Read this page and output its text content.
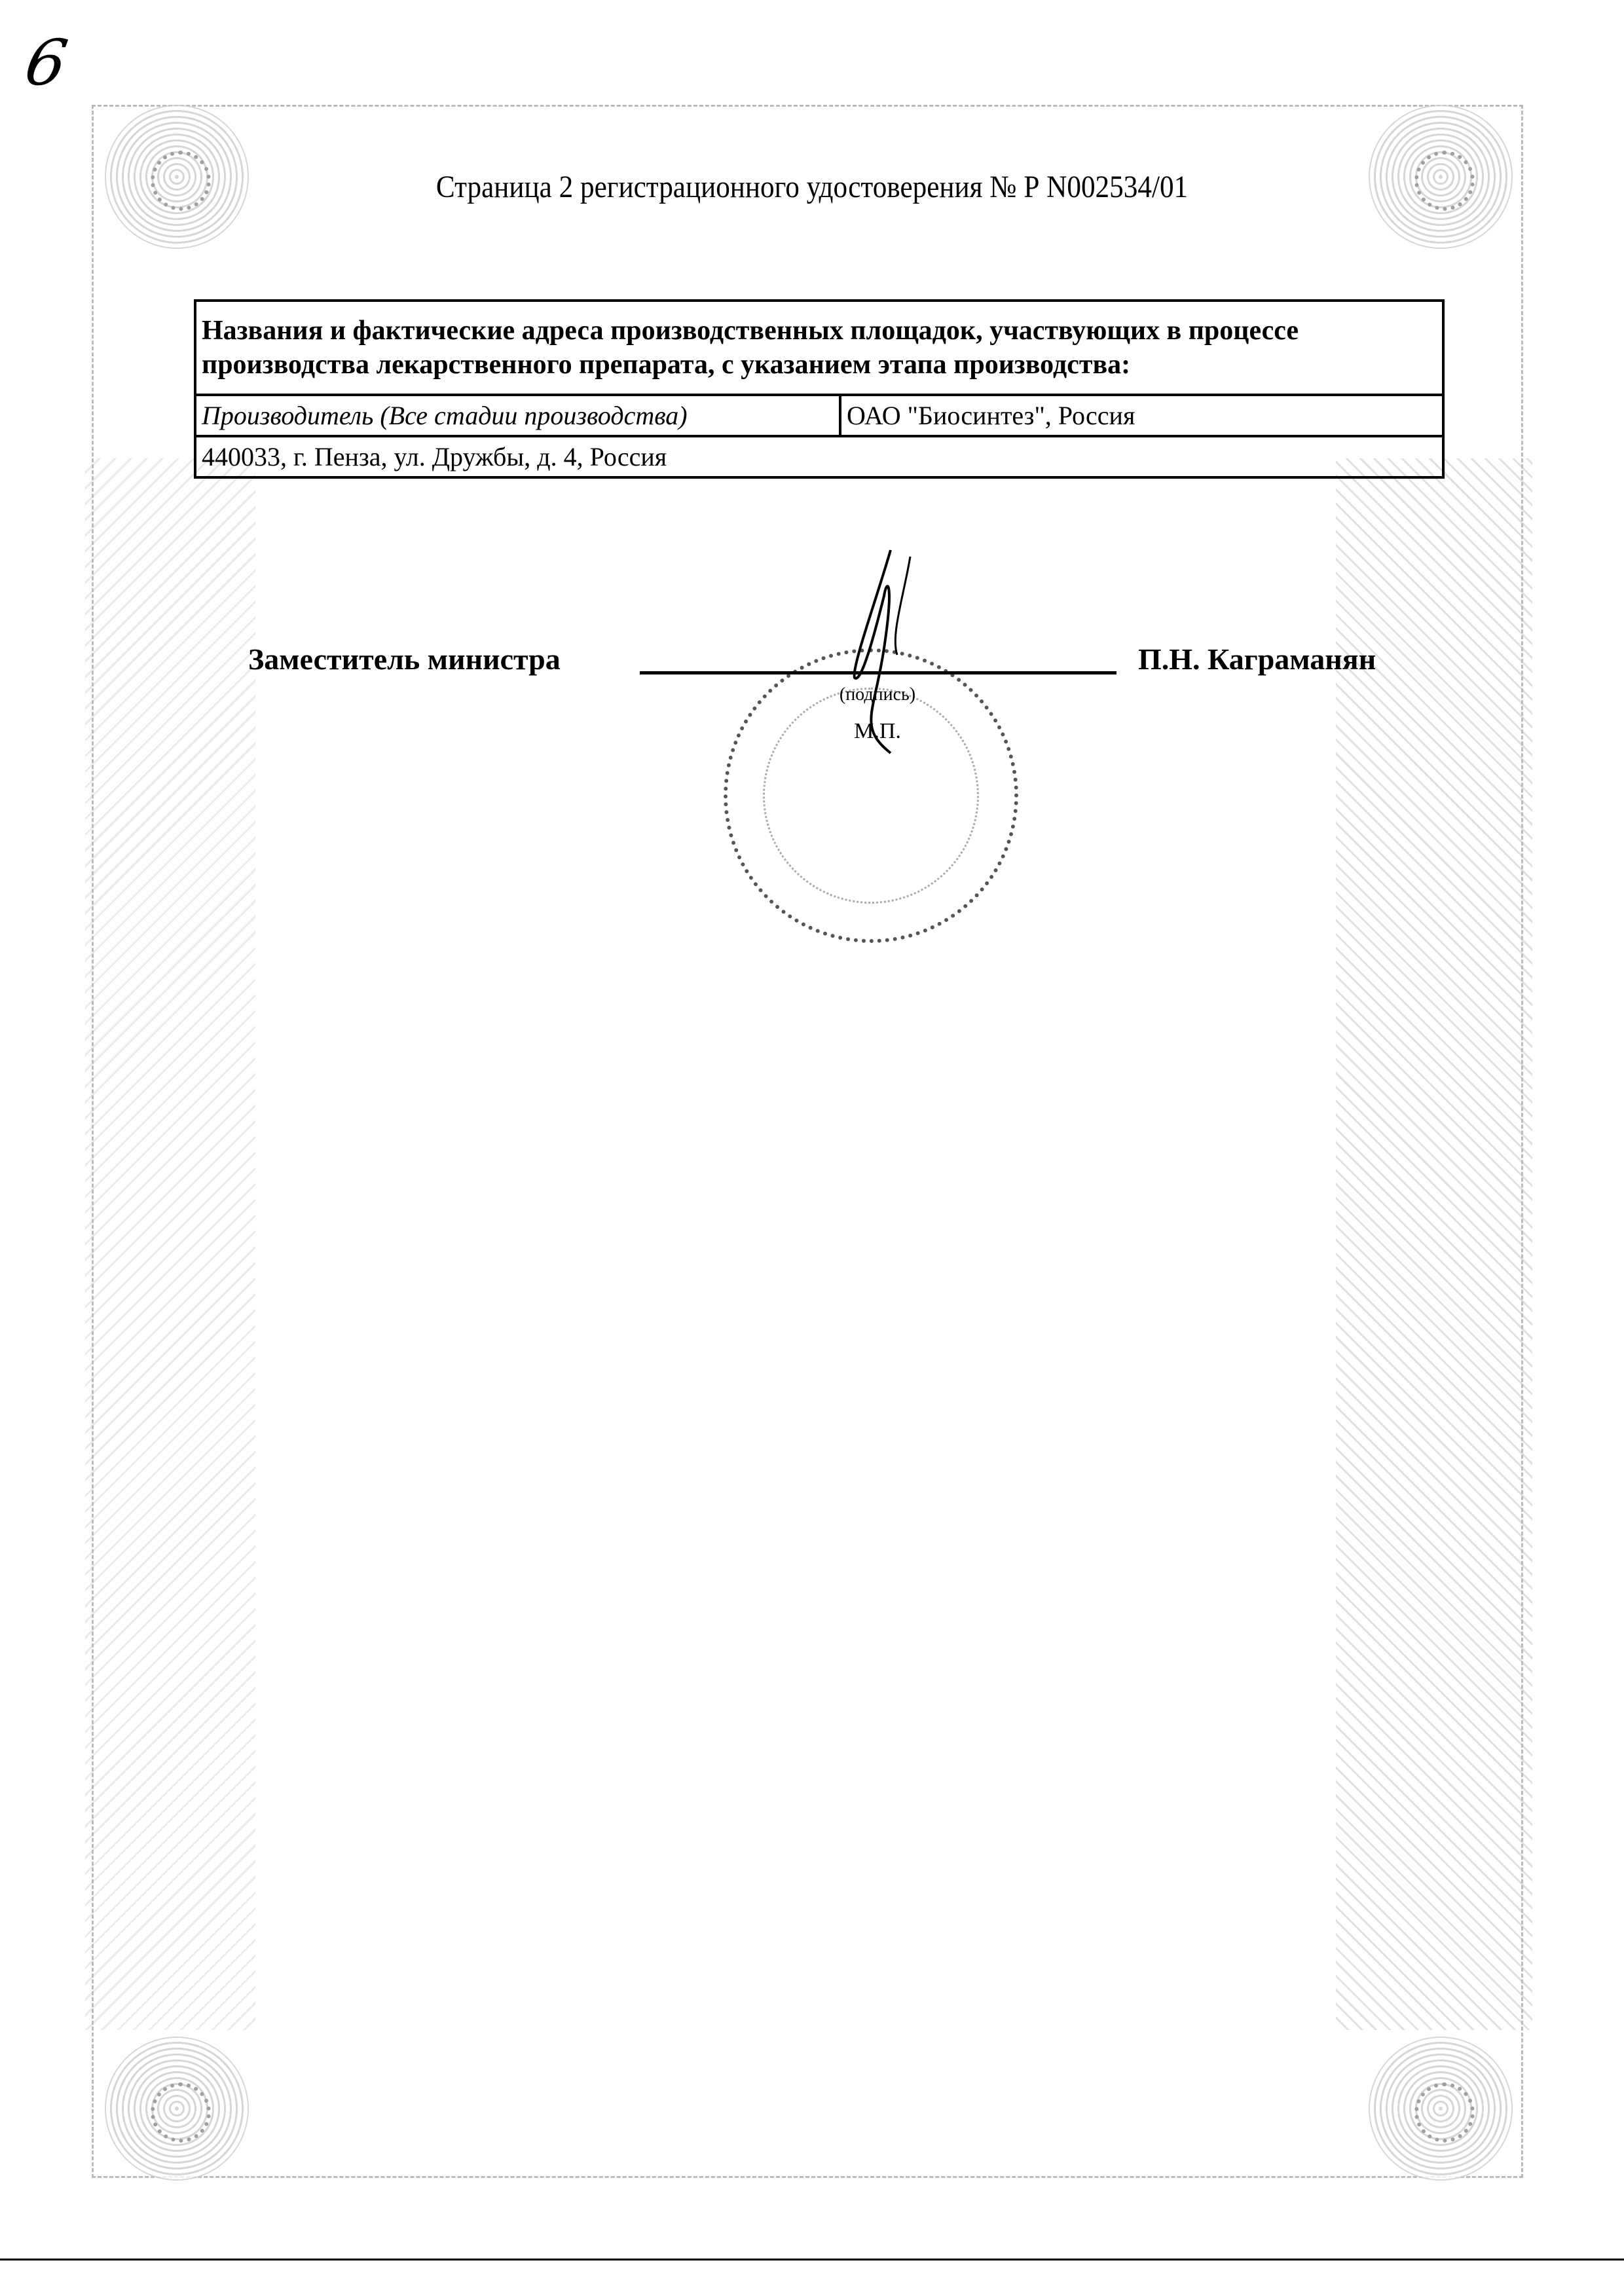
6
Страница 2 регистрационного удостоверения № Р N002534/01
Названия и фактические адреса производственных площадок, участвующих в процессе производства лекарственного препарата, с указанием этапа производства:
Производитель (Все стадии производства)	ОАО "Биосинтез", Россия
440033, г. Пенза, ул. Дружбы, д. 4, Россия
Заместитель министра
(подпись)
М.П.
П.Н. Каграманян
